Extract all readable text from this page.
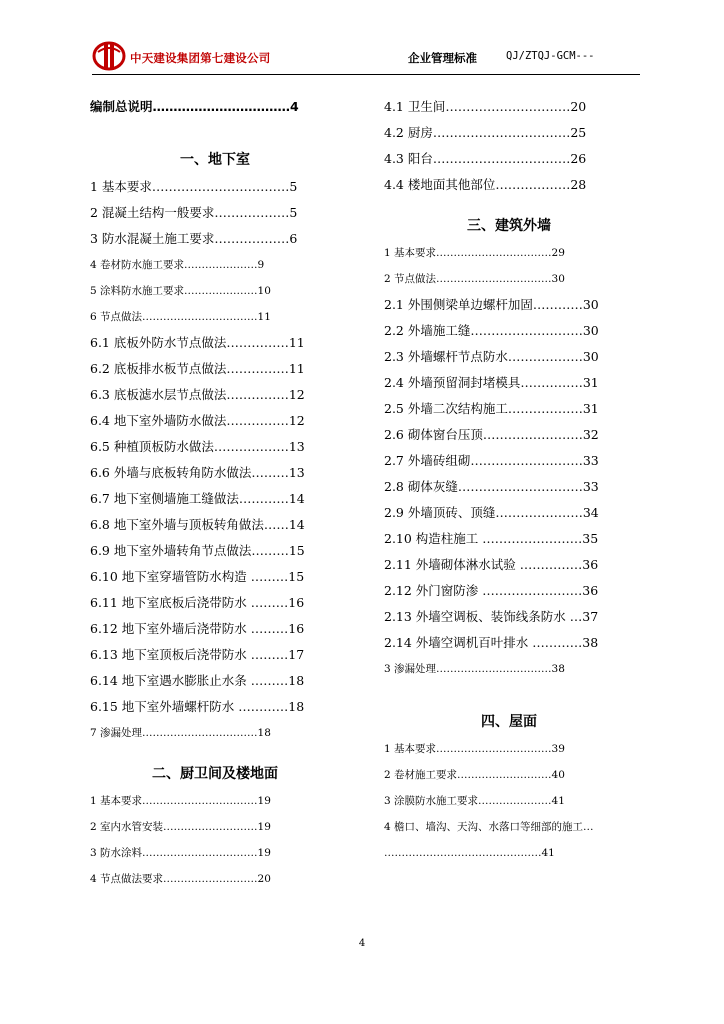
中天建设集团第七建设公司	企业管理标准	QJ/ZTQJ-GCM---
编制总说明……………………………4
一、地下室
1 基本要求……………………………5
2 混凝土结构一般要求………………5
3 防水混凝土施工要求………………6
4 卷材防水施工要求…………………9
5 涂料防水施工要求…………………10
6 节点做法……………………………11
6.1 底板外防水节点做法……………11
6.2 底板排水板节点做法……………11
6.3 底板滤水层节点做法……………12
6.4 地下室外墙防水做法……………12
6.5 种植顶板防水做法………………13
6.6 外墙与底板转角防水做法………13
6.7 地下室侧墙施工缝做法…………14
6.8 地下室外墙与顶板转角做法……14
6.9 地下室外墙转角节点做法………15
6.10 地下室穿墙管防水构造 ………15
6.11 地下室底板后浇带防水 ………16
6.12 地下室外墙后浇带防水 ………16
6.13 地下室顶板后浇带防水 ………17
6.14 地下室遇水膨胀止水条 ………18
6.15 地下室外墙螺杆防水 …………18
7 渗漏处理……………………………18
二、厨卫间及楼地面
1 基本要求……………………………19
2 室内水管安装………………………19
3 防水涂料……………………………19
4 节点做法要求………………………20
4.1 卫生间…………………………20
4.2 厨房……………………………25
4.3 阳台……………………………26
4.4 楼地面其他部位………………28
三、建筑外墙
1 基本要求……………………………29
2 节点做法……………………………30
2.1 外围侧梁单边螺杆加固…………30
2.2 外墙施工缝………………………30
2.3 外墙螺杆节点防水………………30
2.4 外墙预留洞封堵模具……………31
2.5 外墙二次结构施工………………31
2.6 砌体窗台压顶……………………32
2.7 外墙砖组砌………………………33
2.8 砌体灰缝…………………………33
2.9 外墙顶砖、顶缝…………………34
2.10 构造柱施工 ……………………35
2.11 外墙砌体淋水试验 ……………36
2.12 外门窗防渗 ……………………36
2.13 外墙空调板、装饰线条防水 …37
2.14 外墙空调机百叶排水 …………38
3 渗漏处理……………………………38
四、屋面
1 基本要求……………………………39
2 卷材施工要求………………………40
3 涂膜防水施工要求…………………41
4 檐口、墙沟、天沟、水落口等细部的施工…
………………………………………41
4
